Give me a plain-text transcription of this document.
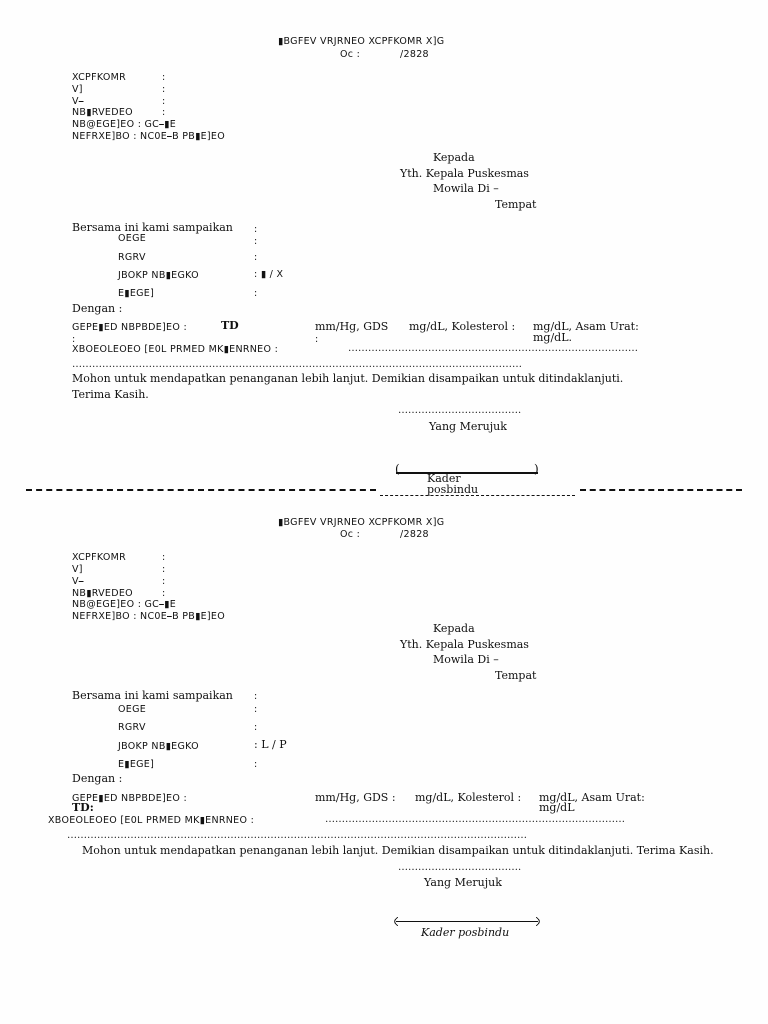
▮BGFEV VRJRNEO XCPFKOMR X]G
Oc :	/2828
XCPFKOMR	:
V]	:
V⎯	:
NB▮RVEDEO	:
NB@EGE]EO : GC⎯▮E
NEFRXE]BO : NC0E⎯B PB▮E]EO
Kepada
Yth. Kepala Puskesmas
Mowila Di –
Tempat
Bersama ini kami sampaikan :
OEGE	:
RGRV	:
JBOKP NB▮EGKO	: ▮ / X
E▮EGE]	:
Dengan :
GEPE▮ED NBPBDE]EO :	TD	mm/Hg, GDS mg/dL, Kolesterol : mg/dL, Asam Urat:
mg/dL.
:	:
XBOEOLEOEO [E0L PRMED MK▮ENRNEO :	……………………………………………………………………………
………………………………………………………………………………………………………………………
Mohon untuk mendapatkan penanganan lebih lanjut. Demikian disampaikan untuk ditindaklanjuti.
Terima Kasih.
……………………………….
Yang Merujuk
(	)
Kader
posbindu
▮BGFEV VRJRNEO XCPFKOMR X]G
Oc :	/2828
XCPFKOMR	:
V]	:
V⎯	:
NB▮RVEDEO	:
NB@EGE]EO : GC⎯▮E
NEFRXE]BO : NC0E⎯B PB▮E]EO
Kepada
Yth. Kepala Puskesmas
Mowila Di –
Tempat
Bersama ini kami sampaikan :
OEGE	:
RGRV	:
JBOKP NB▮EGKO	: L / P
E▮EGE]	:
Dengan :
GEPE▮ED NBPBDE]EO :
TD:
mm/Hg, GDS : mg/dL, Kolesterol : mg/dL, Asam Urat:
mg/dL
XBOEOLEOEO [E0L PRMED MK▮ENRNEO :	………………………………………………………………………………
…………………………………………………………………………………………………………………………
Mohon untuk mendapatkan penanganan lebih lanjut. Demikian disampaikan untuk ditindaklanjuti. Terima Kasih.
……………………………….
Yang Merujuk
Kader posbindu
